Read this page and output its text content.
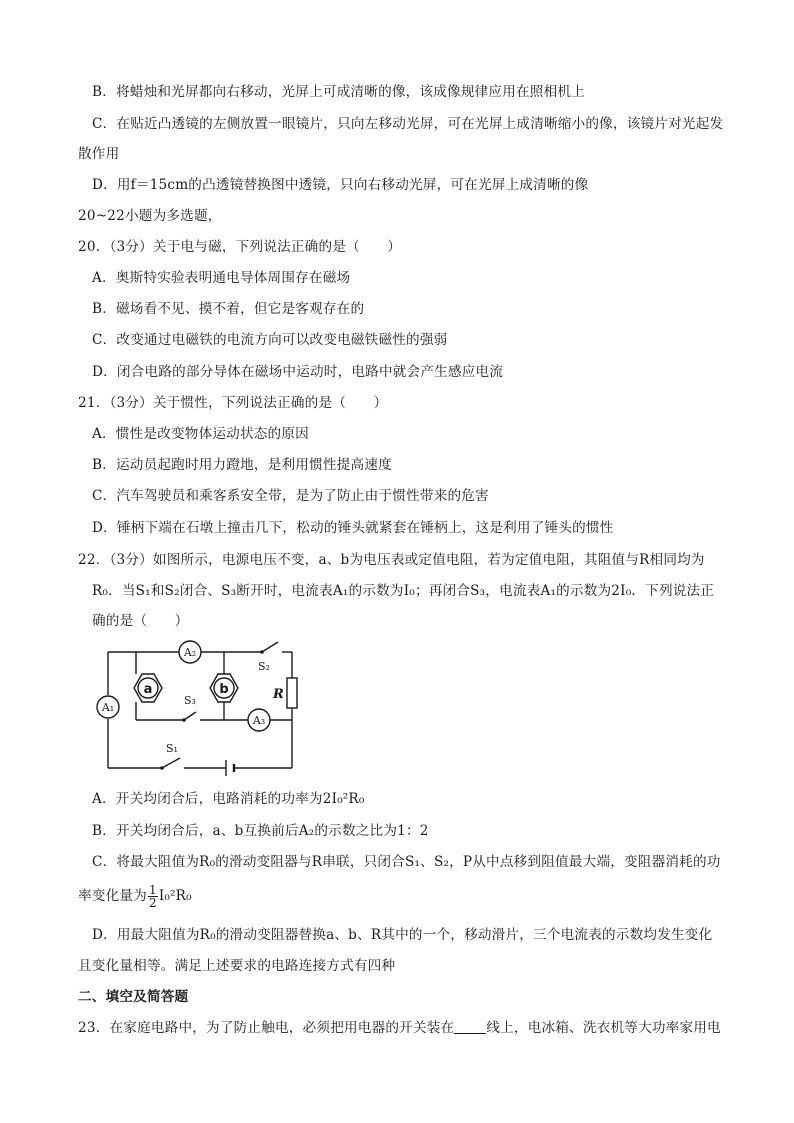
B．将蜡烛和光屏都向右移动，光屏上可成清晰的像，该成像规律应用在照相机上
C．在贴近凸透镜的左侧放置一眼镜片，只向左移动光屏，可在光屏上成清晰缩小的像，该镜片对光起发
散作用
D．用f＝15cm的凸透镜替换图中透镜，只向右移动光屏，可在光屏上成清晰的像
20~22小题为多选题，
20．（3分）关于电与磁，下列说法正确的是（　　）
A．奥斯特实验表明通电导体周围存在磁场
B．磁场看不见、摸不着，但它是客观存在的
C．改变通过电磁铁的电流方向可以改变电磁铁磁性的强弱
D．闭合电路的部分导体在磁场中运动时，电路中就会产生感应电流
21．（3分）关于惯性，下列说法正确的是（　　）
A．惯性是改变物体运动状态的原因
B．运动员起跑时用力蹬地，是利用惯性提高速度
C．汽车驾驶员和乘客系安全带，是为了防止由于惯性带来的危害
D．锤柄下端在石墩上撞击几下，松动的锤头就紧套在锤柄上，这是利用了锤头的惯性
22．（3分）如图所示，电源电压不变，a、b为电压表或定值电阻，若为定值电阻，其阻值与R相同均为
R₀．当S₁和S₂闭合、S₃断开时，电流表A₁的示数为I₀；再闭合S₃，电流表A₁的示数为2I₀．下列说法正
确的是（　　）
A₁
A₂
A₃
a	b
S₂
S₃
S₁
R
A．开关均闭合后，电路消耗的功率为2I₀²R₀
B．开关均闭合后，a、b互换前后A₂的示数之比为1：2
C．将最大阻值为R₀的滑动变阻器与R串联，只闭合S₁、S₂，P从中点移到阻值最大端，变阻器消耗的功
率变化量为 $\frac{1}{2} I_0^2R_0$
D．用最大阻值为R₀的滑动变阻器替换a、b、R其中的一个，移动滑片，三个电流表的示数均发生变化
且变化量相等。满足上述要求的电路连接方式有四种
二、填空及简答题
23．在家庭电路中，为了防止触电，必须把用电器的开关装在 线上，电冰箱、洗衣机等大功率家用电
